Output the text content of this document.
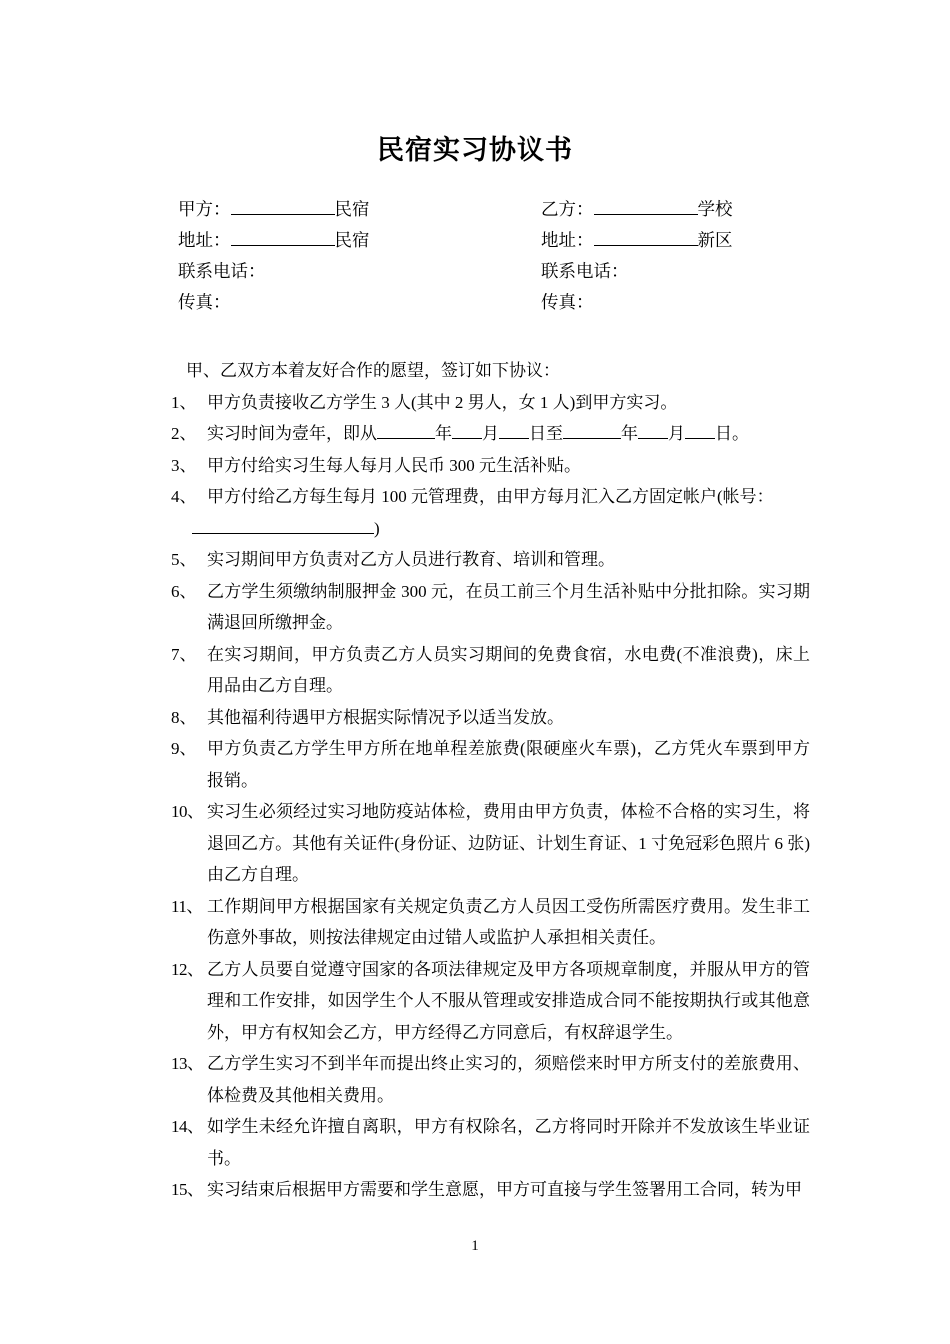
民宿实习协议书
甲方：	民宿
地址：	民宿
联系电话：
传真：
乙方：	学校
地址：	新区
联系电话：
传真：
甲、乙双方本着友好合作的愿望，签订如下协议：
1、 甲方负责接收乙方学生 3 人(其中 2 男人，女 1 人)到甲方实习。
2、 实习时间为壹年，即从	年 月 日至	年 月 日。
3、 甲方付给实习生每人每月人民币 300 元生活补贴。
4、 甲方付给乙方每生每月 100 元管理费，由甲方每月汇入乙方固定帐户(帐号：
)
5、 实习期间甲方负责对乙方人员进行教育、培训和管理。
6、 乙方学生须缴纳制服押金 300 元，在员工前三个月生活补贴中分批扣除。实习期满退回所缴押金。
7、 在实习期间，甲方负责乙方人员实习期间的免费食宿，水电费(不准浪费)，床上用品由乙方自理。
8、 其他福利待遇甲方根据实际情况予以适当发放。
9、 甲方负责乙方学生甲方所在地单程差旅费(限硬座火车票)，乙方凭火车票到甲方报销。
10、 实习生必须经过实习地防疫站体检，费用由甲方负责，体检不合格的实习生，将退回乙方。其他有关证件(身份证、边防证、计划生育证、1 寸免冠彩色照片 6 张)由乙方自理。
11、 工作期间甲方根据国家有关规定负责乙方人员因工受伤所需医疗费用。发生非工伤意外事故，则按法律规定由过错人或监护人承担相关责任。
12、 乙方人员要自觉遵守国家的各项法律规定及甲方各项规章制度，并服从甲方的管理和工作安排，如因学生个人不服从管理或安排造成合同不能按期执行或其他意外，甲方有权知会乙方，甲方经得乙方同意后，有权辞退学生。
13、 乙方学生实习不到半年而提出终止实习的，须赔偿来时甲方所支付的差旅费用、体检费及其他相关费用。
14、 如学生未经允许擅自离职，甲方有权除名，乙方将同时开除并不发放该生毕业证书。
15、 实习结束后根据甲方需要和学生意愿，甲方可直接与学生签署用工合同，转为甲
1
